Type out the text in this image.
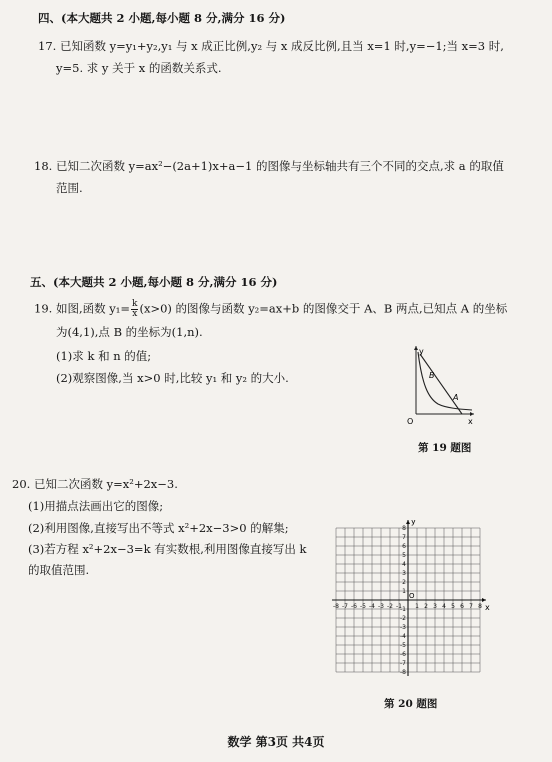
四、(本大题共 2 小题,每小题 8 分,满分 16 分)
17. 已知函数 y=y₁+y₂,y₁ 与 x 成正比例,y₂ 与 x 成反比例,且当 x=1 时,y=−1;当 x=3 时,
y=5. 求 y 关于 x 的函数关系式.
18. 已知二次函数 y=ax²−(2a+1)x+a−1 的图像与坐标轴共有三个不同的交点,求 a 的取值
范围.
五、(本大题共 2 小题,每小题 8 分,满分 16 分)
19. 如图,函数 $y_1= \frac{k}{x} (x>0)$ 的图像与函数 y₂=ax+b 的图像交于 A、B 两点,已知点 A 的坐标
为(4,1),点 B 的坐标为(1,n).
(1)求 k 和 n 的值;
(2)观察图像,当 x>0 时,比较 y₁ 和 y₂ 的大小.
y
x
O
B
A
第 19 题图
20. 已知二次函数 y=x²+2x−3.
(1)用描点法画出它的图像;
(2)利用图像,直接写出不等式 x²+2x−3>0 的解集;
(3)若方程 x²+2x−3=k 有实数根,利用图像直接写出 k
的取值范围.
-8 -7 -6 -5 -4 -3 -2 -1 1 2 3 4 5 6 7 8
8
7
6
5
4
3
2
1
-1
-2
-3
-4
-5
-6
-7
-8
y
x
O
第 20 题图
数学 第3页 共4页
